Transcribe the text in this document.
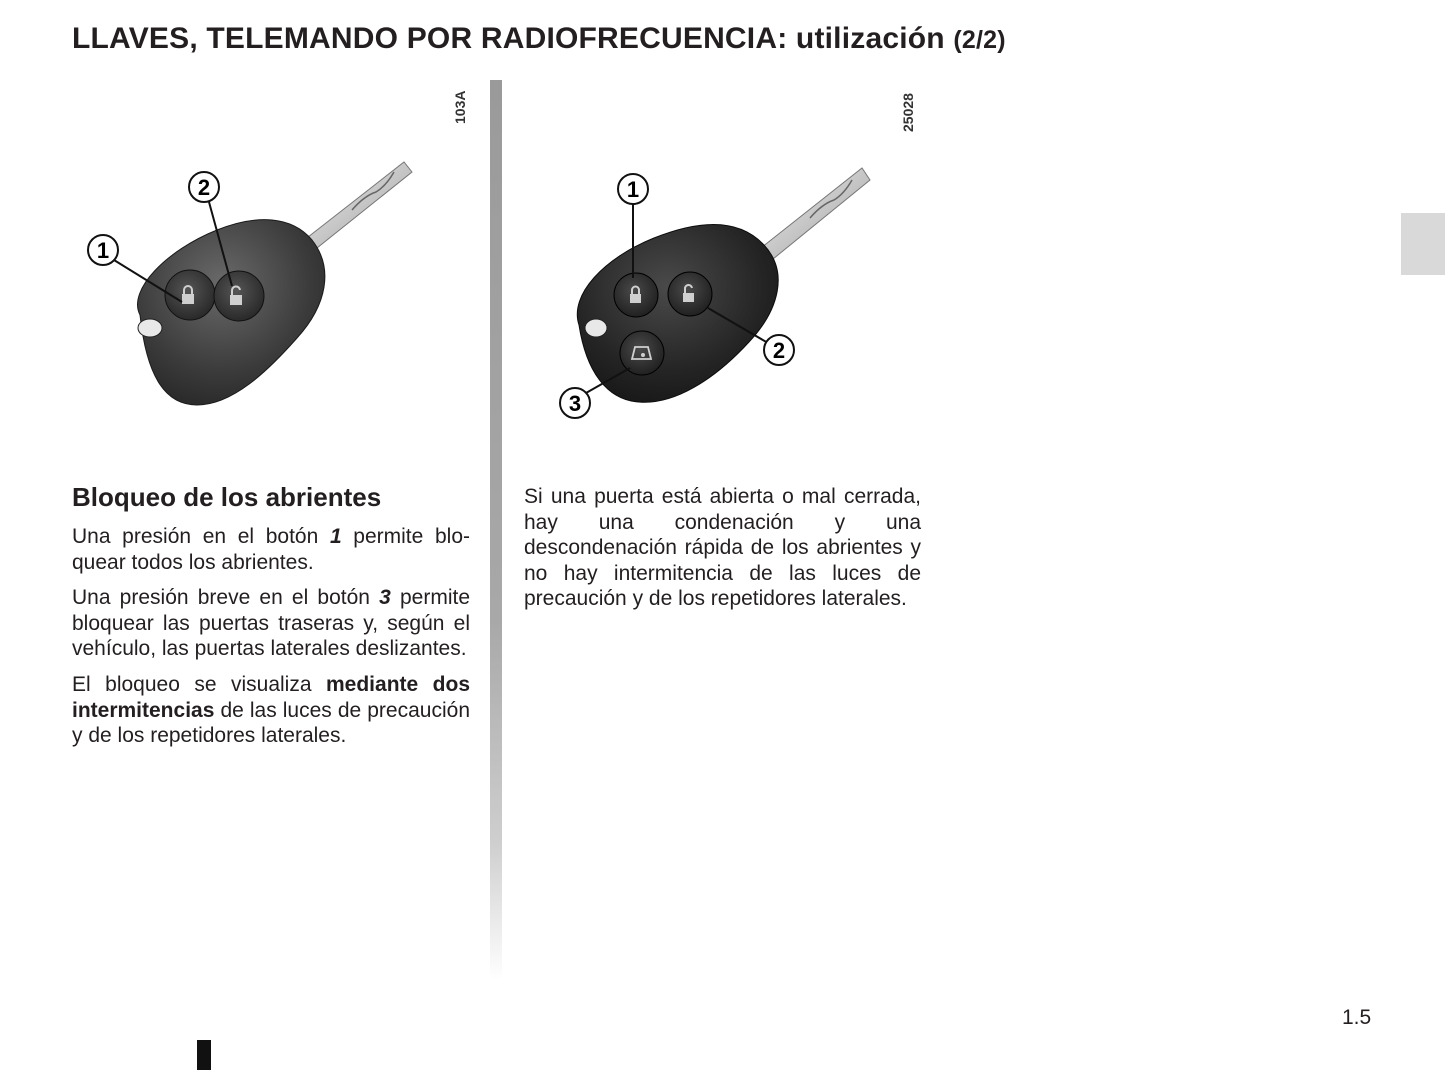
LLAVES, TELEMANDO POR RADIOFRECUENCIA: utilización (2/2)
1
2
103A
1
2
3
25028
Bloqueo de los abrientes

Una presión en el botón 1 permite bloquear todos los abrientes.

Una presión breve en el botón 3 permite bloquear las puertas traseras y, según el vehículo, las puertas laterales deslizantes.

El bloqueo se visualiza mediante dos intermitencias de las luces de precaución y de los repetidores laterales.

Si una puerta está abierta o mal cerrada, hay una condenación y una descondenación rápida de los abrientes y no hay intermitencia de las luces de precaución y de los repetidores laterales.

1.5
